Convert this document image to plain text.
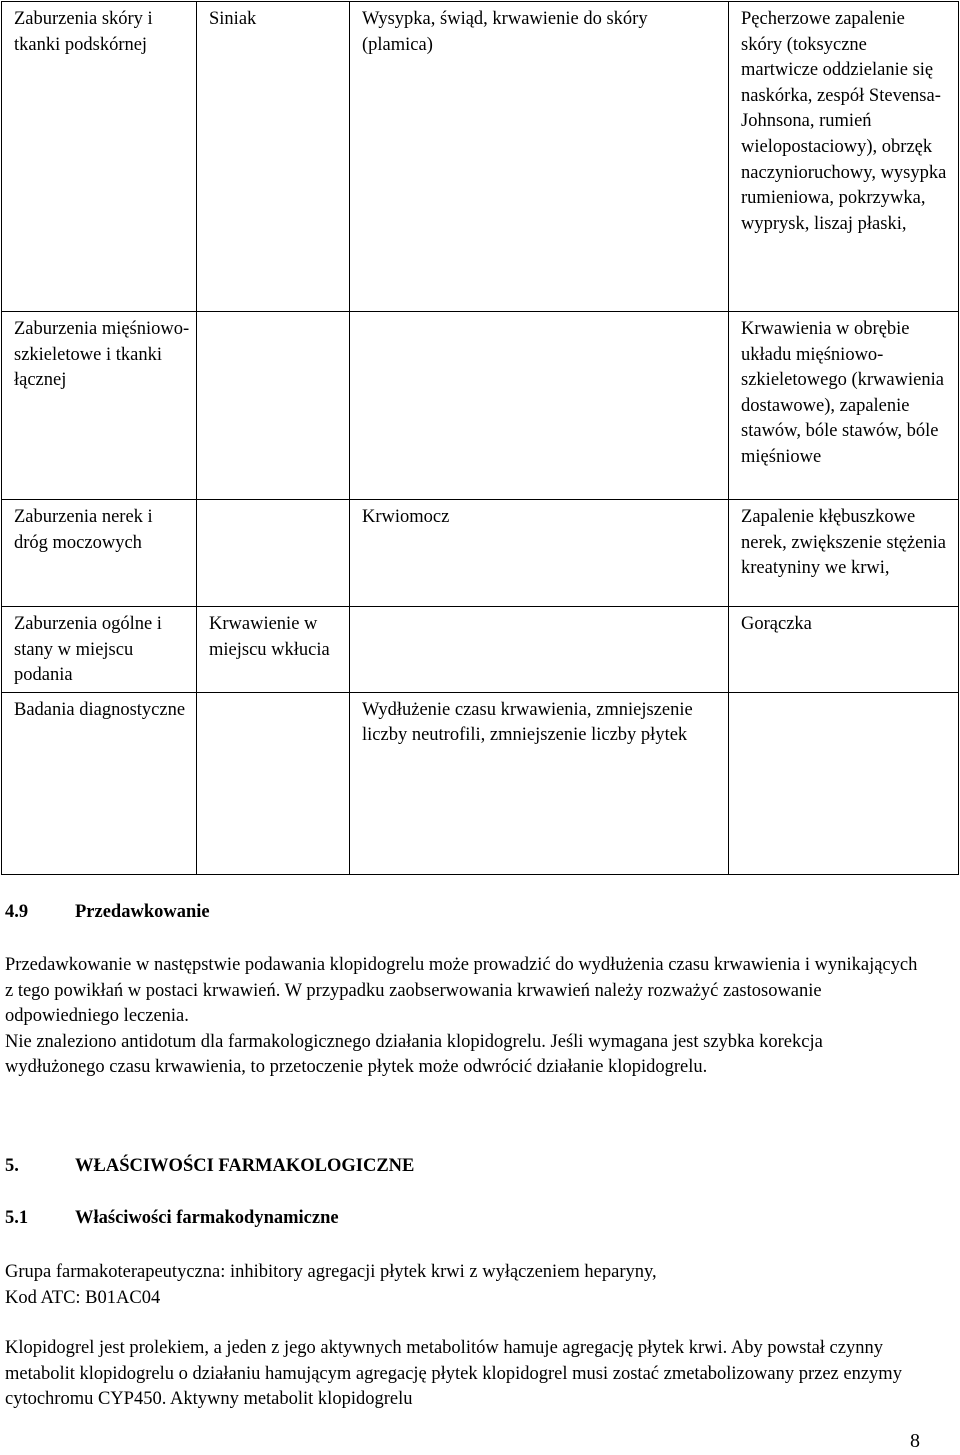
Zaburzenia skóry i tkanki podskórnej	Siniak	Wysypka, świąd, krwawienie do skóry (plamica)	Pęcherzowe zapalenie skóry (toksyczne martwicze oddzielanie się naskórka, zespół Stevensa-Johnsona, rumień wielopostaciowy), obrzęk naczynioruchowy, wysypka rumieniowa, pokrzywka, wyprysk, liszaj płaski,
Zaburzenia mięśniowo-szkieletowe i tkanki łącznej			Krwawienia w obrębie układu mięśniowo-szkieletowego (krwawienia dostawowe), zapalenie stawów, bóle stawów, bóle mięśniowe
Zaburzenia nerek i dróg moczowych		Krwiomocz	Zapalenie kłębuszkowe nerek, zwiększenie stężenia kreatyniny we krwi,
Zaburzenia ogólne i stany w miejscu podania	Krwawienie w miejscu wkłucia		Gorączka
Badania diagnostyczne		Wydłużenie czasu krwawienia, zmniejszenie liczby neutrofili, zmniejszenie liczby płytek	
4.9	Przedawkowanie

Przedawkowanie w następstwie podawania klopidogrelu może prowadzić do wydłużenia czasu krwawienia i wynikających z tego powikłań w postaci krwawień. W przypadku zaobserwowania krwawień należy rozważyć zastosowanie odpowiedniego leczenia.

Nie znaleziono antidotum dla farmakologicznego działania klopidogrelu. Jeśli wymagana jest szybka korekcja wydłużonego czasu krwawienia, to przetoczenie płytek może odwrócić działanie klopidogrelu.

5.	WŁAŚCIWOŚCI FARMAKOLOGICZNE
5.1	Właściwości farmakodynamiczne

Grupa farmakoterapeutyczna: inhibitory agregacji płytek krwi z wyłączeniem heparyny,

Kod ATC: B01AC04

Klopidogrel jest prolekiem, a jeden z jego aktywnych metabolitów hamuje agregację płytek krwi. Aby powstał czynny metabolit klopidogrelu o działaniu hamującym agregację płytek klopidogrel musi zostać zmetabolizowany przez enzymy cytochromu CYP450. Aktywny metabolit klopidogrelu

8
